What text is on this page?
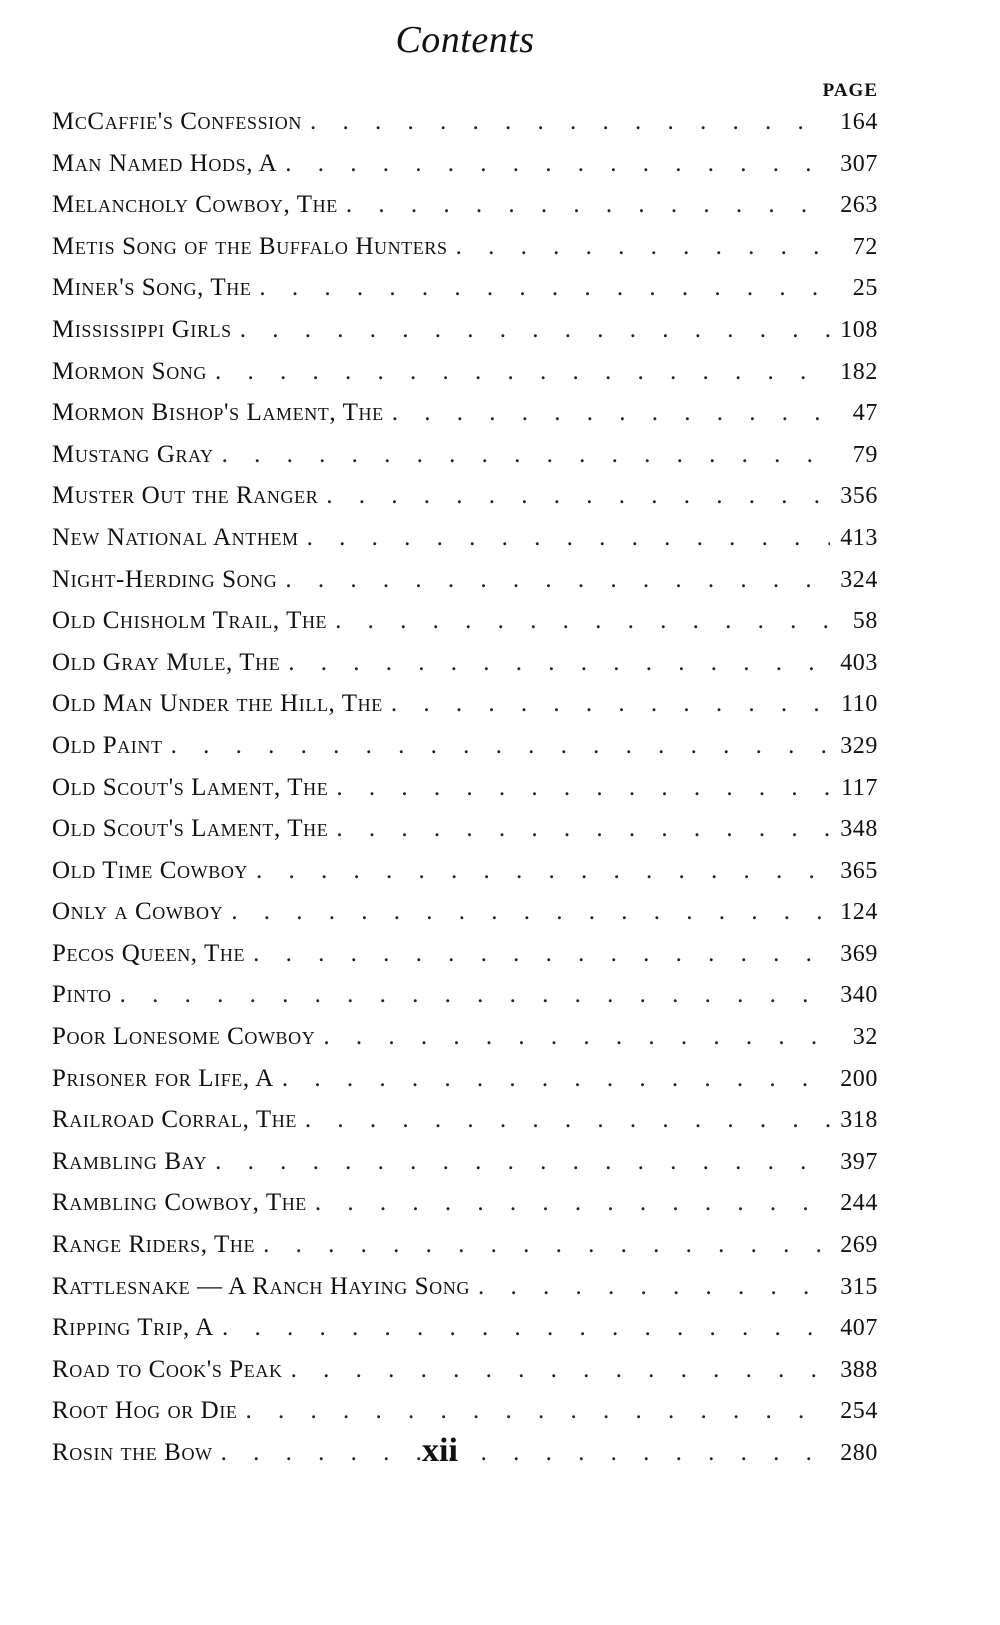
Contents
PAGE
McCaffie's Confession . . .	164
Man Named Hods, A . . .	307
Melancholy Cowboy, The . . .	263
Metis Song of the Buffalo Hunters . . .	72
Miner's Song, The . . .	25
Mississippi Girls . . .	108
Mormon Song . . .	182
Mormon Bishop's Lament, The . . .	47
Mustang Gray . . .	79
Muster Out the Ranger . . .	356
New National Anthem . . .	413
Night-Herding Song . . .	324
Old Chisholm Trail, The . . .	58
Old Gray Mule, The . . .	403
Old Man Under the Hill, The . . .	110
Old Paint . . .	329
Old Scout's Lament, The . . .	117
Old Scout's Lament, The . . .	348
Old Time Cowboy . . .	365
Only a Cowboy . . .	124
Pecos Queen, The . . .	369
Pinto . . .	340
Poor Lonesome Cowboy . . .	32
Prisoner for Life, A . . .	200
Railroad Corral, The . . .	318
Rambling Bay . . .	397
Rambling Cowboy, The . . .	244
Range Riders, The . . .	269
Rattlesnake — A Ranch Haying Song . . .	315
Ripping Trip, A . . .	407
Road to Cook's Peak . . .	388
Root Hog or Die . . .	254
Rosin the Bow . . .	280
xii
